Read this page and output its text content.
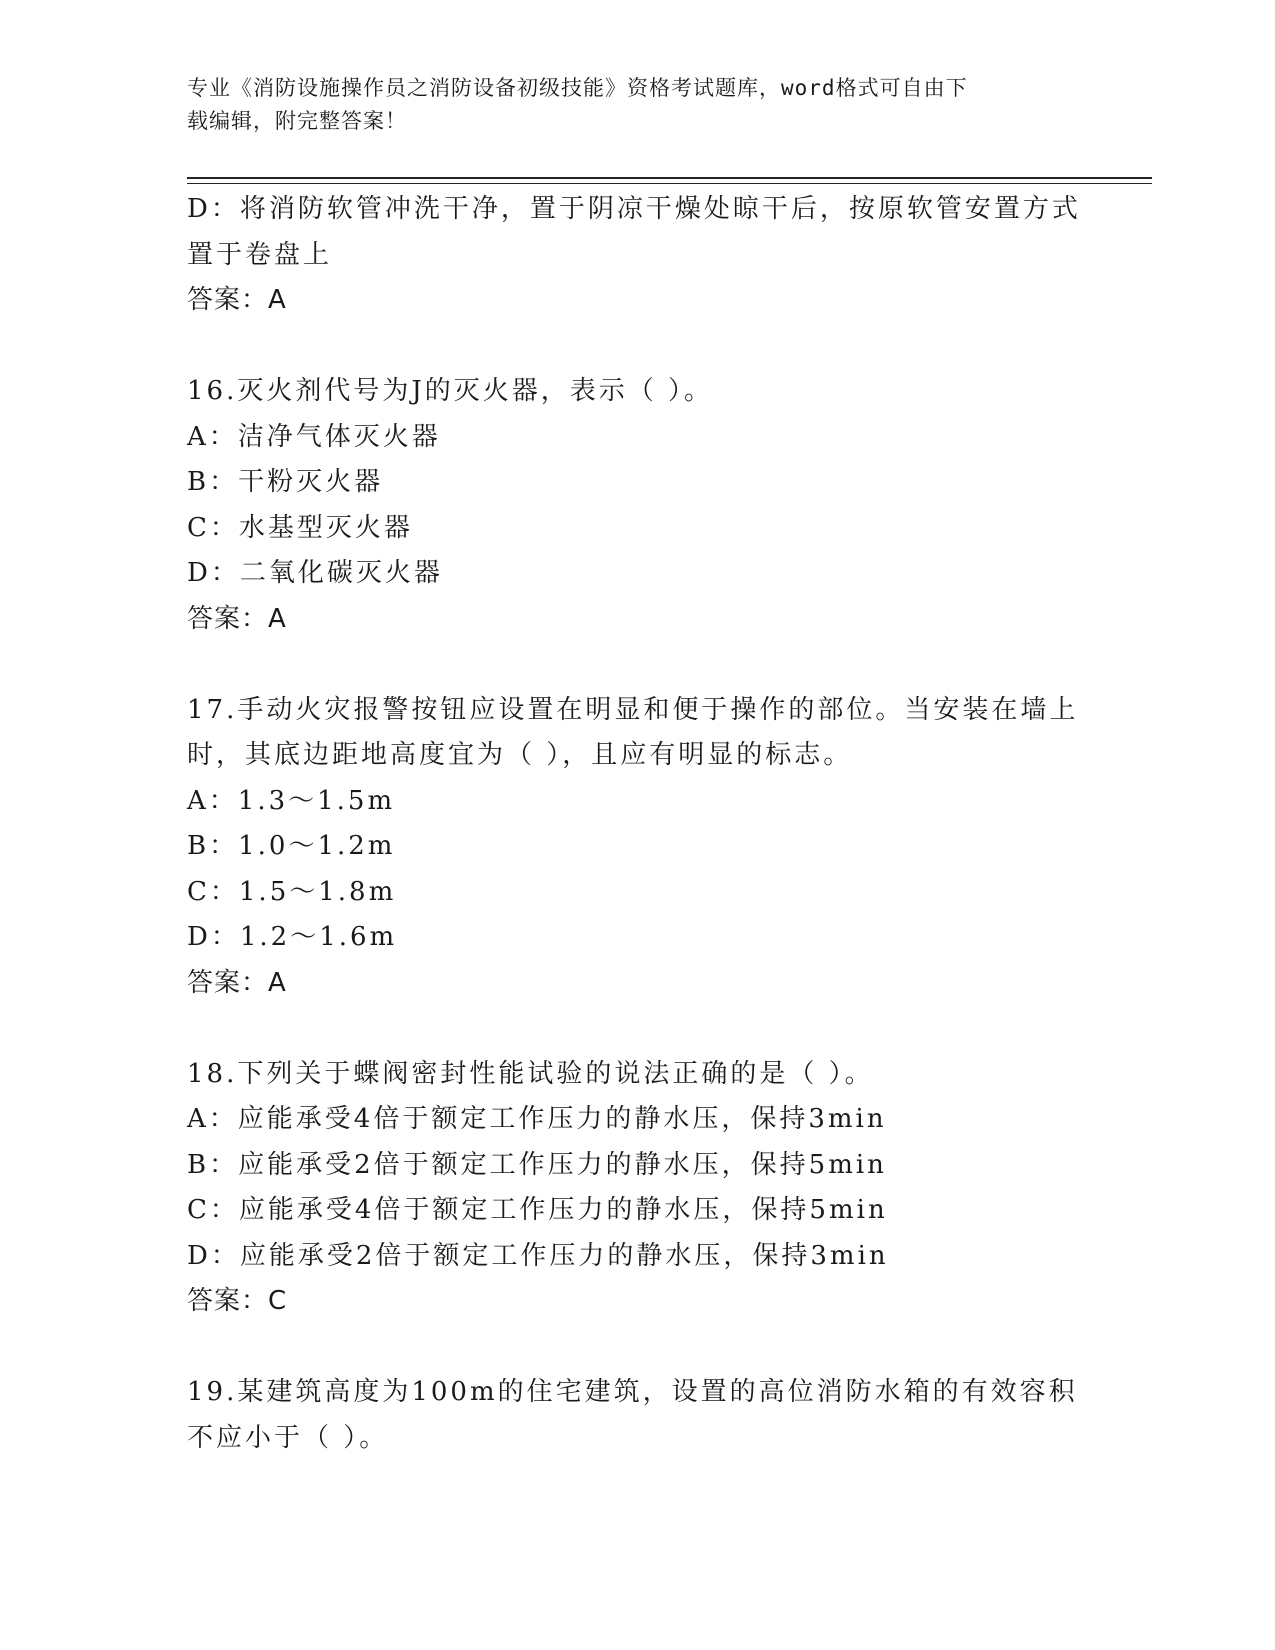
专业《消防设施操作员之消防设备初级技能》资格考试题库，word格式可自由下
载编辑，附完整答案！
D：将消防软管冲洗干净，置于阴凉干燥处晾干后，按原软管安置方式
置于卷盘上
答案：A
16.灭火剂代号为J的灭火器，表示（ ）。
A：洁净气体灭火器
B：干粉灭火器
C：水基型灭火器
D：二氧化碳灭火器
答案：A
17.手动火灾报警按钮应设置在明显和便于操作的部位。当安装在墙上
时，其底边距地高度宜为（ ），且应有明显的标志。
A：1.3～1.5m
B：1.0～1.2m
C：1.5～1.8m
D：1.2～1.6m
答案：A
18.下列关于蝶阀密封性能试验的说法正确的是（ ）。
A：应能承受4倍于额定工作压力的静水压，保持3min
B：应能承受2倍于额定工作压力的静水压，保持5min
C：应能承受4倍于额定工作压力的静水压，保持5min
D：应能承受2倍于额定工作压力的静水压，保持3min
答案：C
19.某建筑高度为100m的住宅建筑，设置的高位消防水箱的有效容积
不应小于（ ）。
